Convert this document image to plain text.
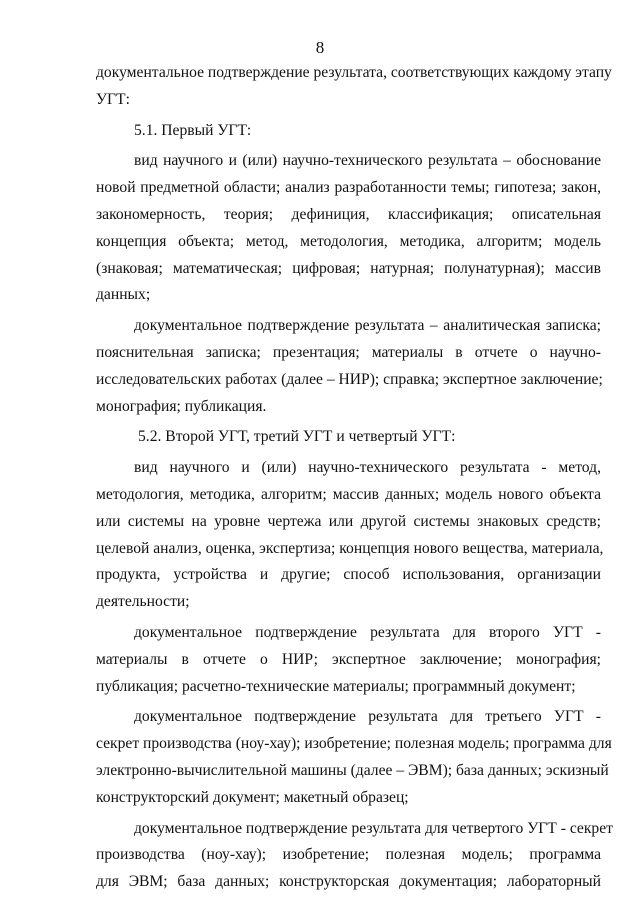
8
документальное подтверждение результата, соответствующих каждому этапу
УГТ:
5.1. Первый УГТ:
вид научного и (или) научно-технического результата – обоснование
новой предметной области; анализ разработанности темы; гипотеза; закон,
закономерность, теория; дефиниция, классификация; описательная
концепция объекта; метод, методология, методика, алгоритм; модель
(знаковая; математическая; цифровая; натурная; полунатурная); массив
данных;
документальное подтверждение результата – аналитическая записка;
пояснительная записка; презентация; материалы в отчете о научно-
исследовательских работах (далее – НИР); справка; экспертное заключение;
монография; публикация.
5.2. Второй УГТ, третий УГТ и четвертый УГТ:
вид научного и (или) научно-технического результата - метод,
методология, методика, алгоритм; массив данных; модель нового объекта
или системы на уровне чертежа или другой системы знаковых средств;
целевой анализ, оценка, экспертиза; концепция нового вещества, материала,
продукта, устройства и другие; способ использования, организации
деятельности;
документальное подтверждение результата для второго УГТ -
материалы в отчете о НИР; экспертное заключение; монография;
публикация; расчетно-технические материалы; программный документ;
документальное подтверждение результата для третьего УГТ -
секрет производства (ноу-хау); изобретение; полезная модель; программа для
электронно-вычислительной машины (далее – ЭВМ); база данных; эскизный
конструкторский документ; макетный образец;
документальное подтверждение результата для четвертого УГТ - секрет
производства (ноу-хау); изобретение; полезная модель; программа
для ЭВМ; база данных; конструкторская документация; лабораторный
